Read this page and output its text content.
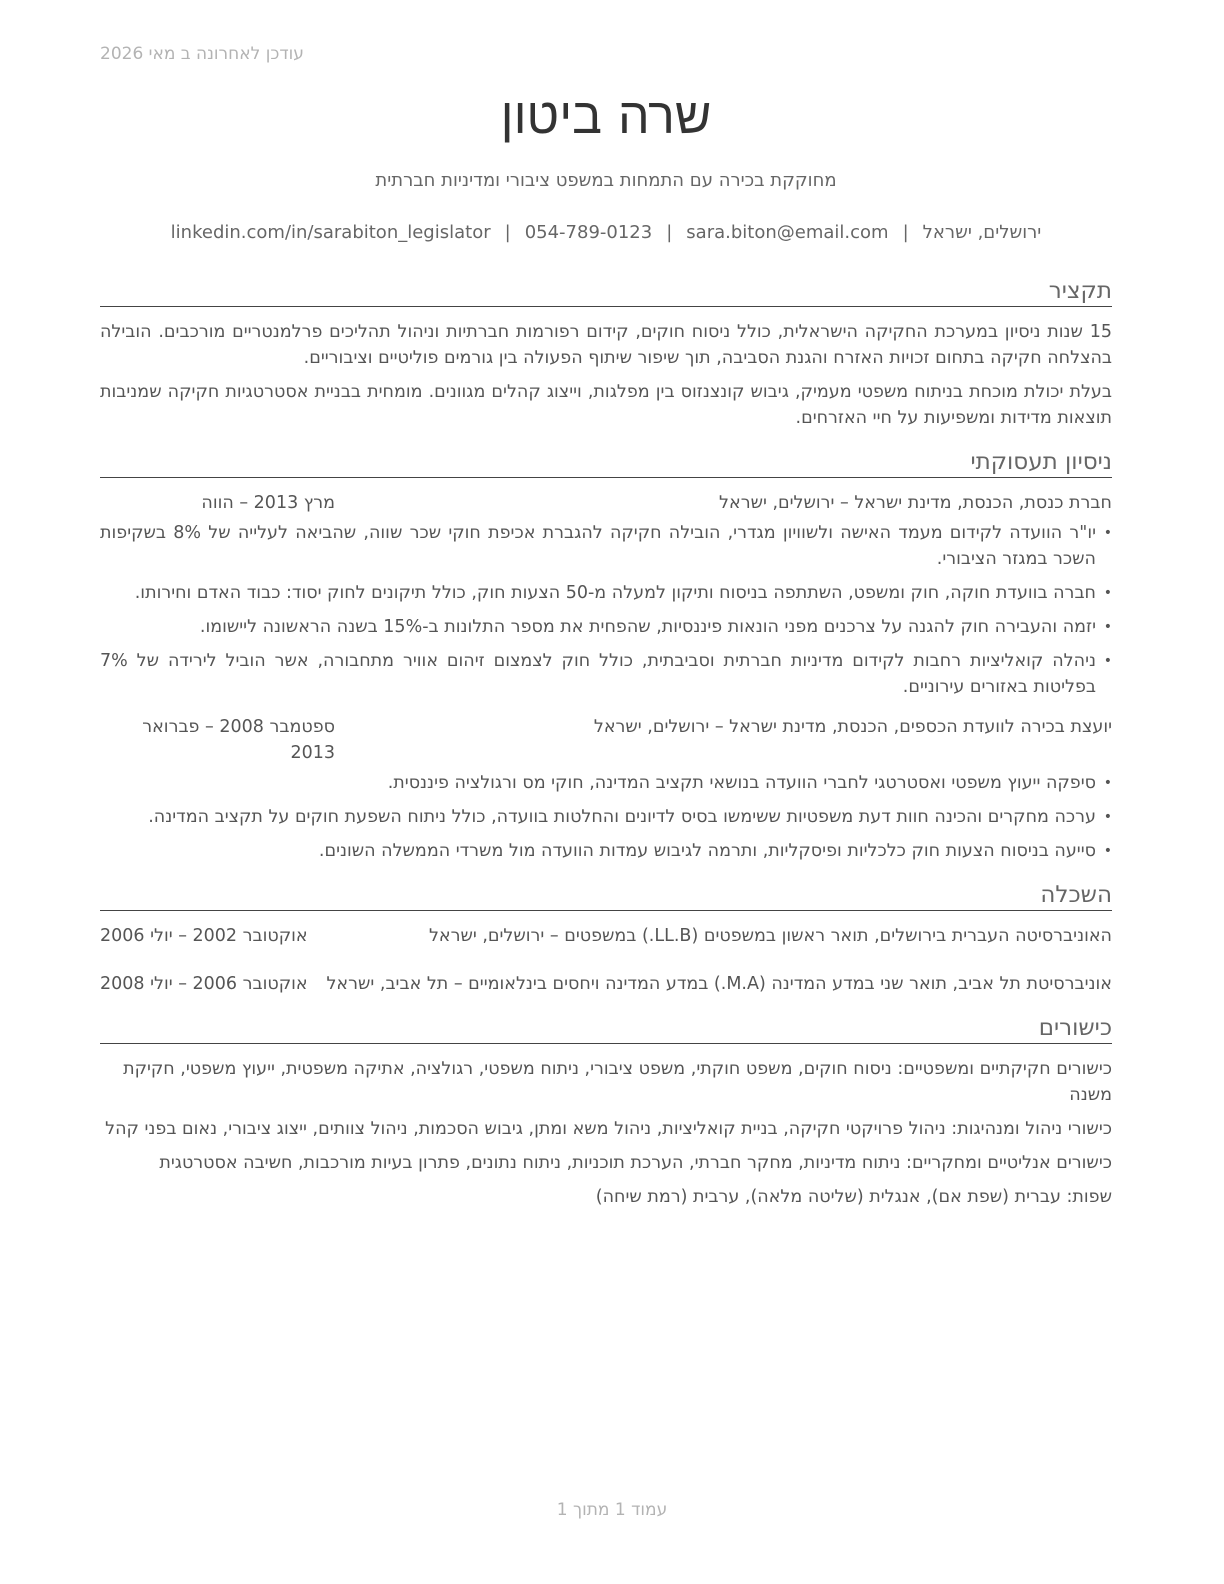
עודכן לאחרונה ב מאי 2026
שרה ביטון
מחוקקת בכירה עם התמחות במשפט ציבורי ומדיניות חברתית
ירושלים, ישראל|sara.biton@email.com|054-789-0123|linkedin.com/in/sarabiton_legislator
תקציר

15 שנות ניסיון במערכת החקיקה הישראלית, כולל ניסוח חוקים, קידום רפורמות חברתיות וניהול תהליכים פרלמנטריים מורכבים. הובילה בהצלחה חקיקה בתחום זכויות האזרח והגנת הסביבה, תוך שיפור שיתוף הפעולה בין גורמים פוליטיים וציבוריים.

בעלת יכולת מוכחת בניתוח משפטי מעמיק, גיבוש קונצנזוס בין מפלגות, וייצוג קהלים מגוונים. מומחית בבניית אסטרטגיות חקיקה שמניבות תוצאות מדידות ומשפיעות על חיי האזרחים.

ניסיון תעסוקתי
חברת כנסת, הכנסת, מדינת ישראל – ירושלים, ישראל
מרץ 2013 – הווה
• יו"ר הוועדה לקידום מעמד האישה ולשוויון מגדרי, הובילה חקיקה להגברת אכיפת חוקי שכר שווה, שהביאה לעלייה של 8% בשקיפות השכר במגזר הציבורי.
• חברה בוועדת חוקה, חוק ומשפט, השתתפה בניסוח ותיקון למעלה מ-50 הצעות חוק, כולל תיקונים לחוק יסוד: כבוד האדם וחירותו.
• יזמה והעבירה חוק להגנה על צרכנים מפני הונאות פיננסיות, שהפחית את מספר התלונות ב-15% בשנה הראשונה ליישומו.
• ניהלה קואליציות רחבות לקידום מדיניות חברתית וסביבתית, כולל חוק לצמצום זיהום אוויר מתחבורה, אשר הוביל לירידה של 7% בפליטות באזורים עירוניים.
יועצת בכירה לוועדת הכספים, הכנסת, מדינת ישראל – ירושלים, ישראל
ספטמבר 2008 – פברואר 2013
• סיפקה ייעוץ משפטי ואסטרטגי לחברי הוועדה בנושאי תקציב המדינה, חוקי מס ורגולציה פיננסית.
• ערכה מחקרים והכינה חוות דעת משפטיות ששימשו בסיס לדיונים והחלטות בוועדה, כולל ניתוח השפעת חוקים על תקציב המדינה.
• סייעה בניסוח הצעות חוק כלכליות ופיסקליות, ותרמה לגיבוש עמדות הוועדה מול משרדי הממשלה השונים.
השכלה
האוניברסיטה העברית בירושלים, תואר ראשון במשפטים (LL.B.) במשפטים – ירושלים, ישראל
אוקטובר 2002 – יולי 2006
אוניברסיטת תל אביב, תואר שני במדע המדינה (M.A.) במדע המדינה ויחסים בינלאומיים – תל אביב, ישראל
אוקטובר 2006 – יולי 2008
כישורים
כישורים חקיקתיים ומשפטיים: ניסוח חוקים, משפט חוקתי, משפט ציבורי, ניתוח משפטי, רגולציה, אתיקה משפטית, ייעוץ משפטי, חקיקת משנה
כישורי ניהול ומנהיגות: ניהול פרויקטי חקיקה, בניית קואליציות, ניהול משא ומתן, גיבוש הסכמות, ניהול צוותים, ייצוג ציבורי, נאום בפני קהל
כישורים אנליטיים ומחקריים: ניתוח מדיניות, מחקר חברתי, הערכת תוכניות, ניתוח נתונים, פתרון בעיות מורכבות, חשיבה אסטרטגית
שפות: עברית (שפת אם), אנגלית (שליטה מלאה), ערבית (רמת שיחה)
עמוד 1 מתוך 1
